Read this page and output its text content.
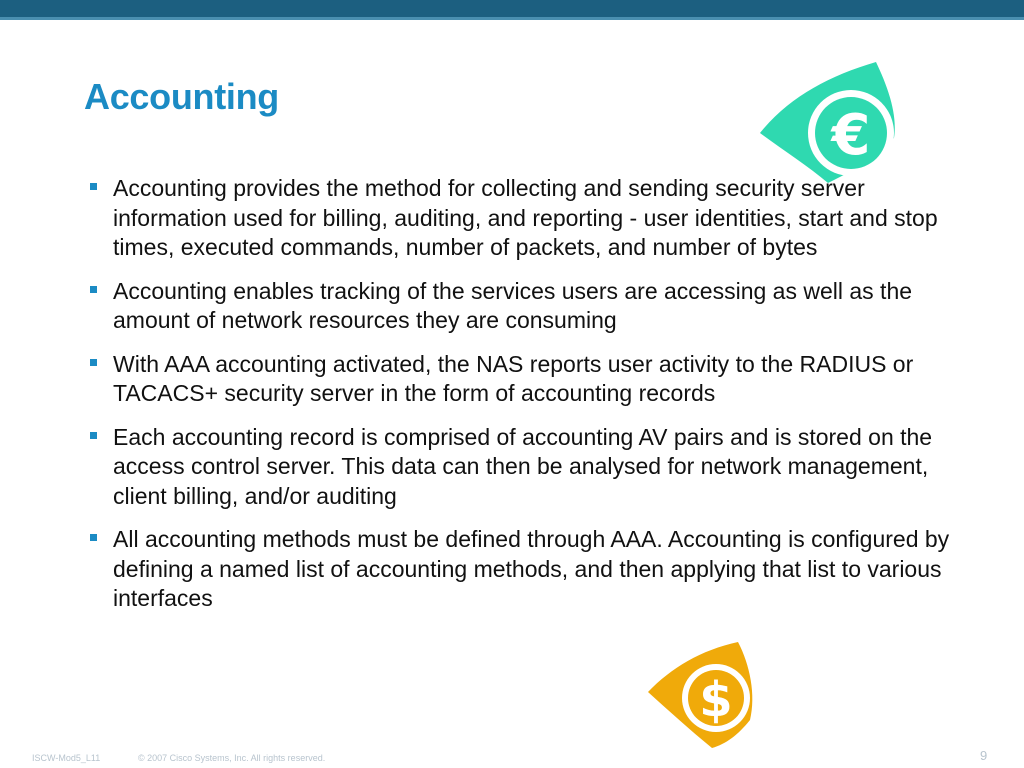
Accounting
€
Accounting provides the method for collecting and sending security server information used for billing, auditing, and reporting - user identities, start and stop times, executed commands, number of packets, and number of bytes
Accounting enables tracking of the services users are accessing as well as the amount of network resources they are consuming
With AAA accounting activated, the NAS reports user activity to the RADIUS or TACACS+ security server in the form of accounting records
Each accounting record is comprised of accounting AV pairs and is stored on the access control server. This data can then be analysed for network management, client billing, and/or auditing
All accounting methods must be defined through AAA. Accounting is configured by defining a named list of accounting methods, and then applying that list to various interfaces
$
ISCW-Mod5_L11	© 2007 Cisco Systems, Inc. All rights reserved.	9
